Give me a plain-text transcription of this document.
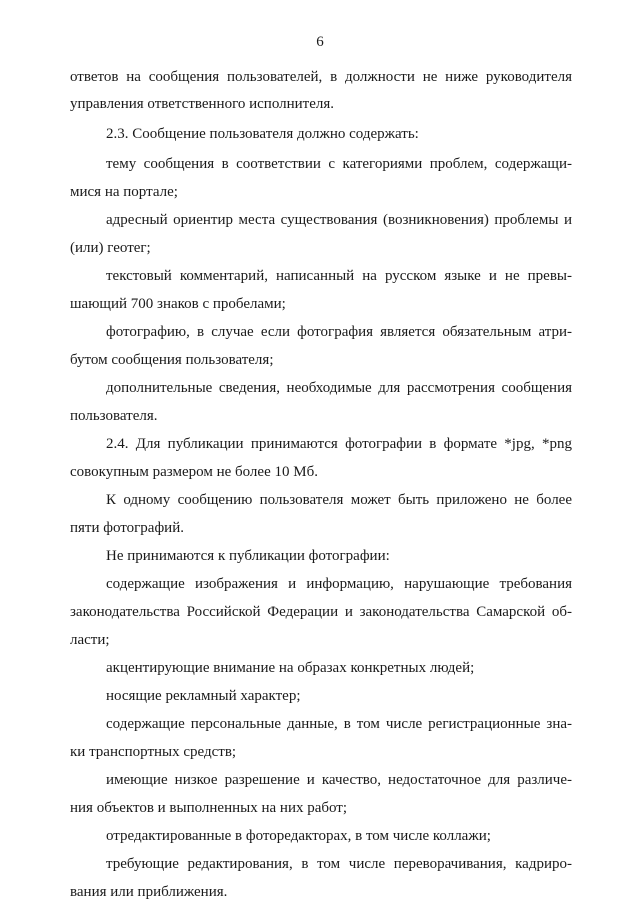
6
ответов на сообщения пользователей, в должности не ниже руководителя
управления ответственного исполнителя.
2.3. Сообщение пользователя должно содержать:
тему сообщения в соответствии с категориями проблем, содержащи-
мися на портале;
адресный ориентир места существования (возникновения) проблемы и
(или) геотег;
текстовый комментарий, написанный на русском языке и не превы-
шающий 700 знаков с пробелами;
фотографию, в случае если фотография является обязательным атри-
бутом сообщения пользователя;
дополнительные сведения, необходимые для рассмотрения сообщения
пользователя.
2.4. Для публикации принимаются фотографии в формате *jpg, *png
совокупным размером не более 10 Мб.
К одному сообщению пользователя может быть приложено не более
пяти фотографий.
Не принимаются к публикации фотографии:
содержащие изображения и информацию, нарушающие требования
законодательства Российской Федерации и законодательства Самарской об-
ласти;
акцентирующие внимание на образах конкретных людей;
носящие рекламный характер;
содержащие персональные данные, в том числе регистрационные зна-
ки транспортных средств;
имеющие низкое разрешение и качество, недостаточное для различе-
ния объектов и выполненных на них работ;
отредактированные в фоторедакторах, в том числе коллажи;
требующие редактирования, в том числе переворачивания, кадриро-
вания или приближения.
